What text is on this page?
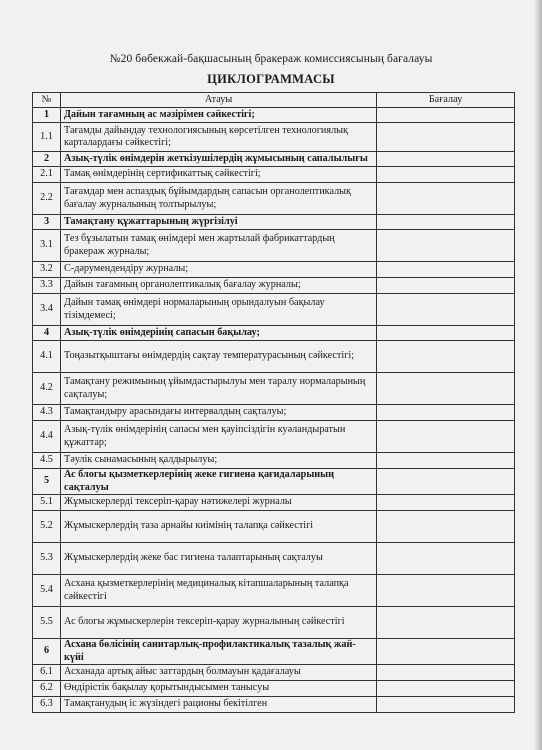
№20 бөбекжай-бақшасының бракераж комиссиясының бағалауы
ЦИКЛОГРАММАСЫ
№	Атауы	Бағалау
1	Дайын тағамның ас мәзірімен сәйкестігі;	
1.1	Тағамды дайындау технологиясының көрсетілген технологиялық карталардағы сәйкестігі;	
2	Азық-түлік өнімдерін жеткізушілердің жұмысының сапалылығы	
2.1	Тамақ өнімдерінің сертификаттық сәйкестігі;	
2.2	Тағамдар мен аспаздық бұйымдардың сапасын органолептикалық бағалау журналының толтырылуы;	
3	Тамақтану құжаттарының жүргізілуі	
3.1	Тез бұзылатын тамақ өнімдері мен жартылай фабрикаттардың бракераж журналы;	
3.2	С-дәрумендендіру журналы;	
3.3	Дайын тағамның органолептикалық бағалау журналы;	
3.4	Дайын тамақ өнімдері нормаларының орындалуын бақылау тізімдемесі;	
4	Азық-түлік өнімдерінің сапасын бақылау;	
4.1	Тоңазытқыштағы өнімдердің сақтау температурасының сәйкестігі;	
4.2	Тамақтану режимының ұйымдастырылуы мен таралу нормаларының сақталуы;	
4.3	Тамақтандыру арасындағы интервалдың сақталуы;	
4.4	Азық-түлік өнімдерінің сапасы мен қауіпсіздігін куәландыратын құжаттар;	
4.5	Тәулік сынамасының қалдырылуы;	
5	Ас блогы қызметкерлерінің жеке гигиена қағидаларының сақталуы	
5.1	Жұмыскерлерді тексеріп-қарау нәтижелері журналы	
5.2	Жұмыскерлердің таза арнайы киімінің талапқа сәйкестігі	
5.3	Жұмыскерлердің жеке бас гигиена талаптарының сақталуы	
5.4	Асхана қызметкерлерінің медициналық кітапшаларының талапқа сәйкестігі	
5.5	Ас блогы жұмыскерлерін тексеріп-қарау журналының сәйкестігі	
6	Асхана бөлісінің санитарлық-профилактикалық тазалық жай-күйі	
6.1	Асханада артық айыс заттардың болмауын қадағалауы	
6.2	Өндірістік бақылау қорытындысымен танысуы	
6.3	Тамақтанудың іс жүзіндегі рационы бекітілген	
